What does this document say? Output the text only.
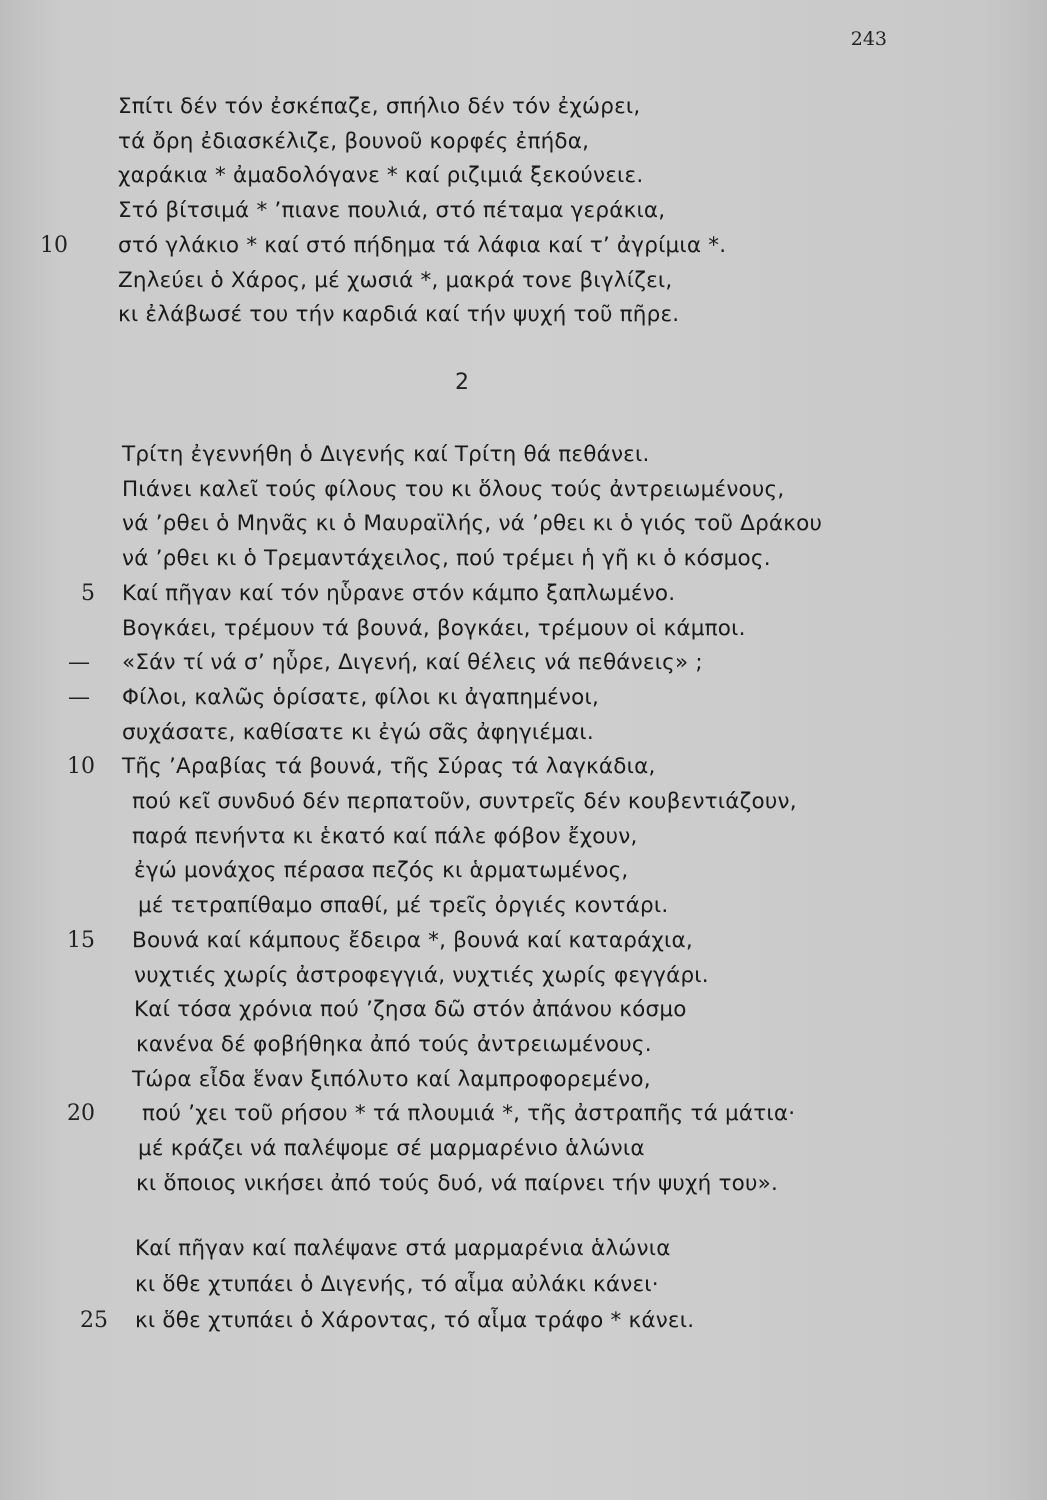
243
Σπίτι δέν τόν ἐσκέπαζε, σπήλιο δέν τόν ἐχώρει,
τά ὄρη ἐδιασκέλιζε, βουνοῦ κορφές ἐπήδα,
χαράκια * ἀμαδολόγανε * καί ριζιμιά ξεκούνειε.
Στό βίτσιμά * ’πιανε πουλιά, στό πέταμα γεράκια,
10 στό γλάκιο * καί στό πήδημα τά λάφια καί τ’ ἀγρίμια *.
Ζηλεύει ὁ Χάρος, μέ χωσιά *, μακρά τονε βιγλίζει,
κι ἐλάβωσέ του τήν καρδιά καί τήν ψυχή τοῦ πῆρε.
2
Τρίτη ἐγεννήθη ὁ Διγενής καί Τρίτη θά πεθάνει.
Πιάνει καλεῖ τούς φίλους του κι ὅλους τούς ἀντρειωμένους,
νά ’ρθει ὁ Μηνᾶς κι ὁ Μαυραϊλής, νά ’ρθει κι ὁ γιός τοῦ Δράκου
νά ’ρθει κι ὁ Τρεμαντάχειλος, πού τρέμει ἡ γῆ κι ὁ κόσμος.
5 Καί πῆγαν καί τόν ηὗρανε στόν κάμπο ξαπλωμένο.
Βογκάει, τρέμουν τά βουνά, βογκάει, τρέμουν οἱ κάμποι.
— «Σάν τί νά σ’ ηὗρε, Διγενή, καί θέλεις νά πεθάνεις» ;
— Φίλοι, καλῶς ὁρίσατε, φίλοι κι ἀγαπημένοι,
συχάσατε, καθίσατε κι ἐγώ σᾶς ἀφηγιέμαι.
10 Τῆς ’Αραβίας τά βουνά, τῆς Σύρας τά λαγκάδια,
πού κεῖ συνδυό δέν περπατοῦν, συντρεῖς δέν κουβεντιάζουν,
παρά πενήντα κι ἑκατό καί πάλε φόβον ἔχουν,
ἐγώ μονάχος πέρασα πεζός κι ἁρματωμένος,
μέ τετραπίθαμο σπαθί, μέ τρεῖς ὀργιές κοντάρι.
15 Βουνά καί κάμπους ἔδειρα *, βουνά καί καταράχια,
νυχτιές χωρίς ἀστροφεγγιά, νυχτιές χωρίς φεγγάρι.
Καί τόσα χρόνια πού ’ζησα δῶ στόν ἀπάνου κόσμο
κανένα δέ φοβήθηκα ἀπό τούς ἀντρειωμένους.
Τώρα εἶδα ἕναν ξιπόλυτο καί λαμπροφορεμένο,
20 πού ’χει τοῦ ρήσου * τά πλουμιά *, τῆς ἀστραπῆς τά μάτια·
μέ κράζει νά παλέψομε σέ μαρμαρένιο ἁλώνια
κι ὅποιος νικήσει ἀπό τούς δυό, νά παίρνει τήν ψυχή του».
Καί πῆγαν καί παλέψανε στά μαρμαρένια ἁλώνια
κι ὅθε χτυπάει ὁ Διγενής, τό αἷμα αὐλάκι κάνει·
25 κι ὅθε χτυπάει ὁ Χάροντας, τό αἷμα τράφο * κάνει.
